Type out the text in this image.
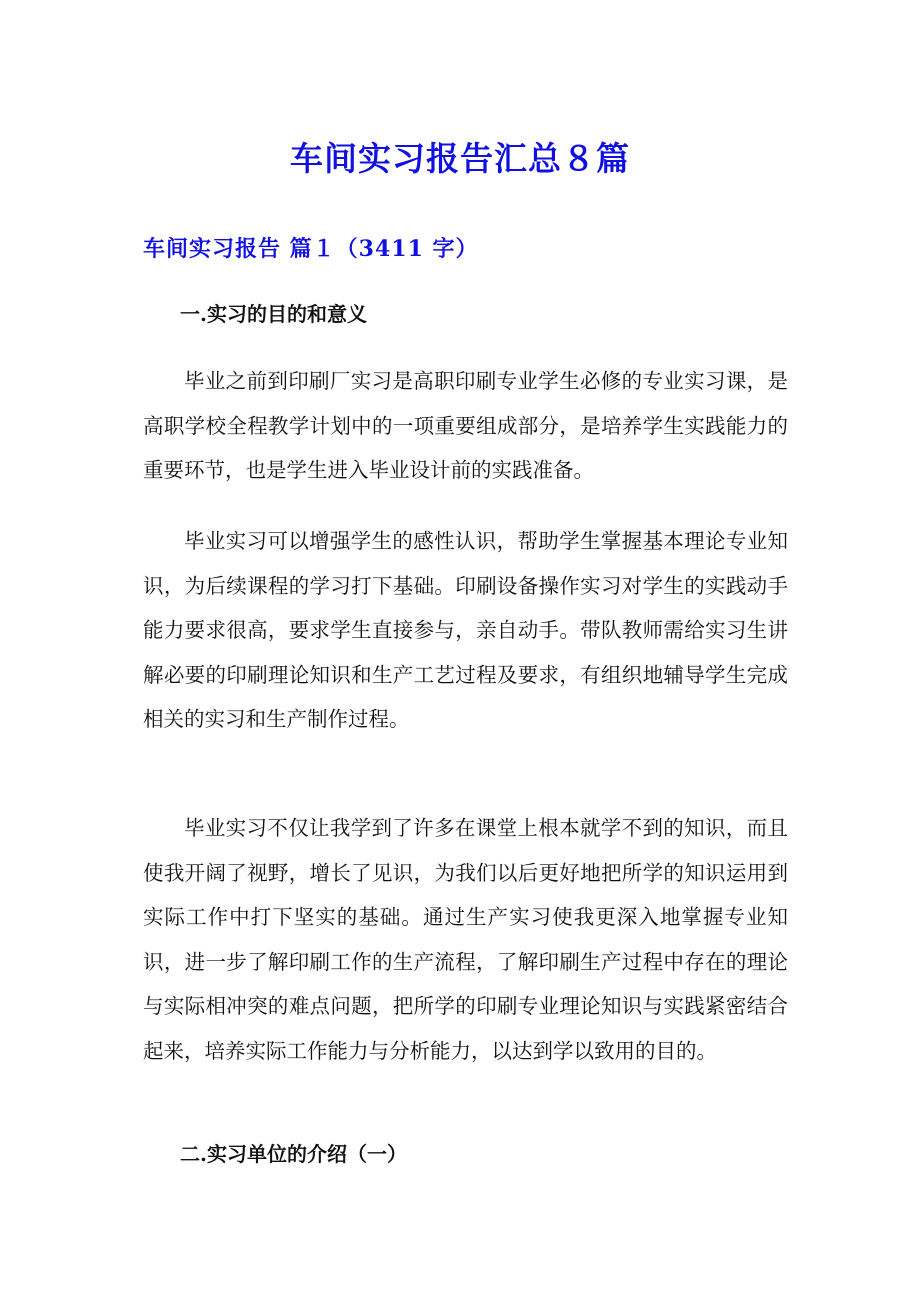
车间实习报告汇总８篇
车间实习报告 篇１（3411 字）
一.实习的目的和意义

毕业之前到印刷厂实习是高职印刷专业学生必修的专业实习课，是高职学校全程教学计划中的一项重要组成部分，是培养学生实践能力的重要环节，也是学生进入毕业设计前的实践准备。

毕业实习可以增强学生的感性认识，帮助学生掌握基本理论专业知识，为后续课程的学习打下基础。印刷设备操作实习对学生的实践动手能力要求很高，要求学生直接参与，亲自动手。带队教师需给实习生讲解必要的印刷理论知识和生产工艺过程及要求，有组织地辅导学生完成相关的实习和生产制作过程。

毕业实习不仅让我学到了许多在课堂上根本就学不到的知识，而且使我开阔了视野，增长了见识，为我们以后更好地把所学的知识运用到实际工作中打下坚实的基础。通过生产实习使我更深入地掌握专业知识，进一步了解印刷工作的生产流程，了解印刷生产过程中存在的理论与实际相冲突的难点问题，把所学的印刷专业理论知识与实践紧密结合起来，培养实际工作能力与分析能力，以达到学以致用的目的。

二.实习单位的介绍（一）
